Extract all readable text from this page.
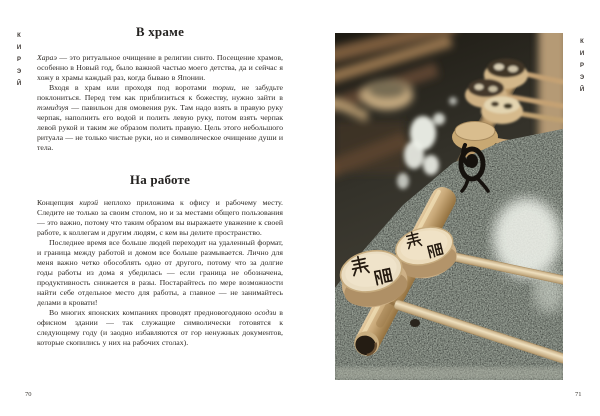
К
И
Р
Э
Й
В храме

Хараэ — это ритуальное очищение в религии синто. Посещение храмов, особенно в Новый год, было важной частью моего детства, да и сейчас я хожу в храмы каждый раз, когда бываю в Японии.

Входя в храм или проходя под воротами тории, не забудьте поклониться. Перед тем как приблизиться к божеству, нужно зайти в тэмидзуя — павильон для омовения рук. Там надо взять в правую руку черпак, наполнить его водой и полить левую руку, потом взять черпак левой рукой и таким же образом полить правую. Цель этого небольшого ритуала — не только чистые руки, но и символическое очищение души и тела.

На работе

Концепция кирэй неплохо приложима к офису и рабочему месту. Следите не только за своим столом, но и за местами общего пользования — это важно, потому что таким образом вы выражаете уважение к своей работе, к коллегам и другим людям, с кем вы делите пространство.

Последнее время все больше людей переходит на удаленный формат, и граница между работой и домом все больше размывается. Лично для меня важно четко обособлять одно от другого, потому что за долгие годы работы из дома я убедилась — если граница не обозначена, продуктивность снижается в разы. Постарайтесь по мере возможности найти себе отдельное место для работы, а главное — не занимайтесь делами в кровати!

Во многих японских компаниях проводят предновогоднюю осодзи в офисном здании — так служащие символически готовятся к следующему году (и заодно избавляются от гор ненужных документов, которые скопились у них на рабочих столах).

70
К
И
Р
Э
Й
71
